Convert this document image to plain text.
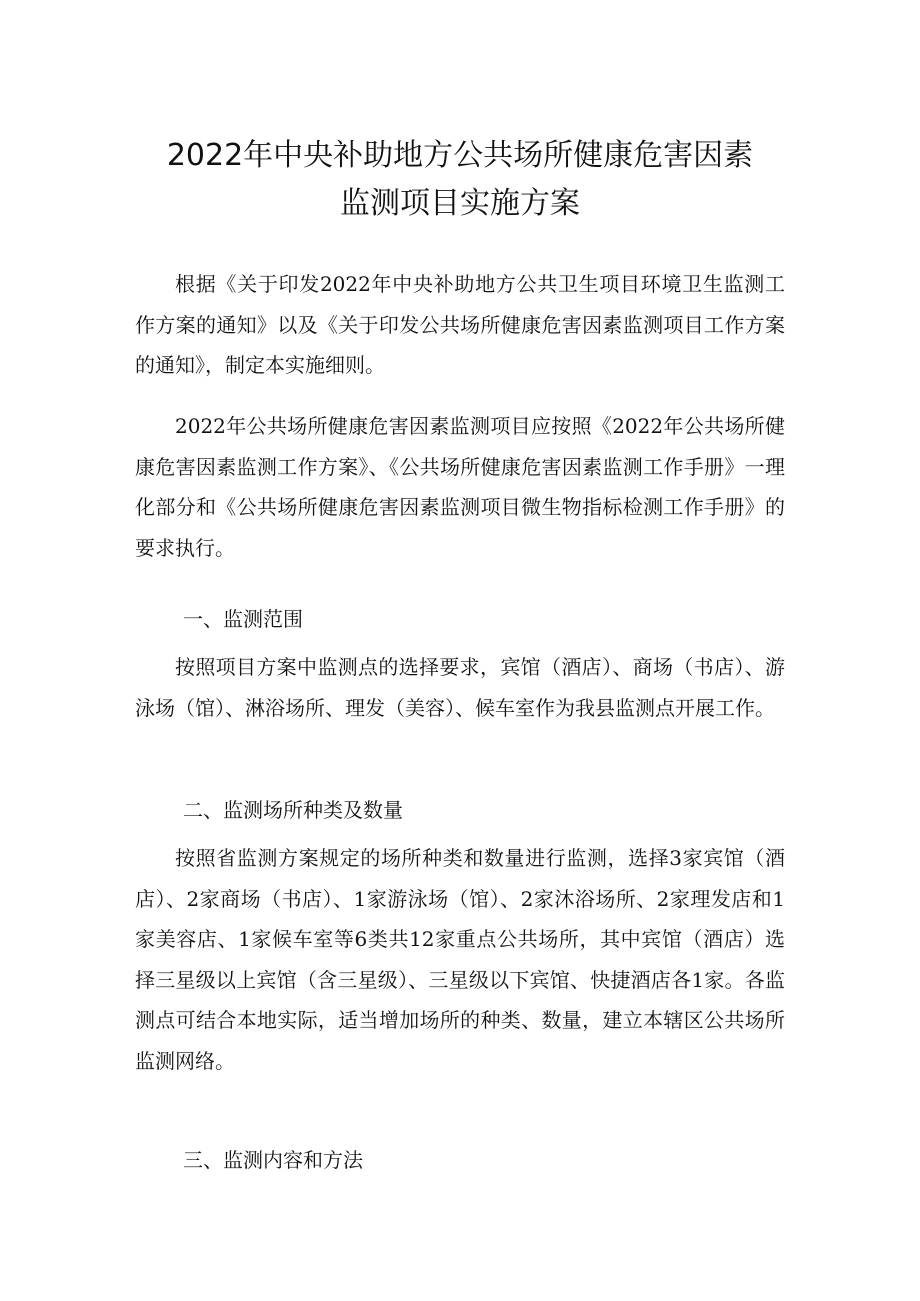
2022年中央补助地方公共场所健康危害因素
监测项目实施方案
根据《关于印发2022年中央补助地方公共卫生项目环境卫生监测工作方案的通知》以及《关于印发公共场所健康危害因素监测项目工作方案的通知》，制定本实施细则。
2022年公共场所健康危害因素监测项目应按照《2022年公共场所健康危害因素监测工作方案》、《公共场所健康危害因素监测工作手册》一理化部分和《公共场所健康危害因素监测项目微生物指标检测工作手册》的要求执行。
一、监测范围
按照项目方案中监测点的选择要求，宾馆（酒店）、商场（书店）、游泳场（馆）、淋浴场所、理发（美容）、候车室作为我县监测点开展工作。
二、监测场所种类及数量
按照省监测方案规定的场所种类和数量进行监测，选择3家宾馆（酒店）、2家商场（书店）、1家游泳场（馆）、2家沐浴场所、2家理发店和1家美容店、1家候车室等6类共12家重点公共场所，其中宾馆（酒店）选择三星级以上宾馆（含三星级）、三星级以下宾馆、快捷酒店各1家。各监测点可结合本地实际，适当增加场所的种类、数量，建立本辖区公共场所监测网络。
三、监测内容和方法
